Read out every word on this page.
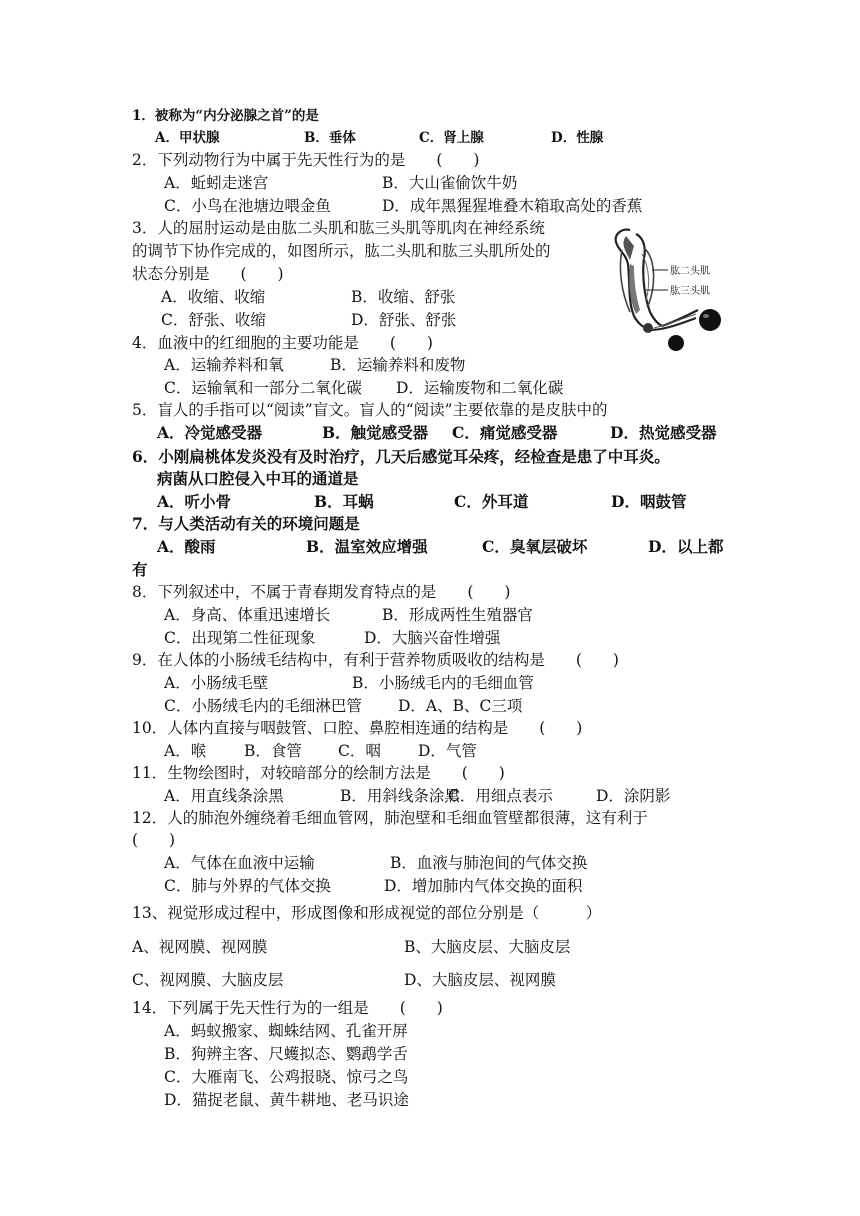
1．被称为“内分泌腺之首”的是
A．甲状腺	B．垂体	C．肾上腺	D．性腺
2．下列动物行为中属于先天性行为的是　　(　　)
A．蚯蚓走迷宫	B．大山雀偷饮牛奶
C．小鸟在池塘边喂金鱼	D．成年黑猩猩堆叠木箱取高处的香蕉
3．人的屈肘运动是由肱二头肌和肱三头肌等肌肉在神经系统
的调节下协作完成的，如图所示，肱二头肌和肱三头肌所处的
状态分别是　　(　　)
A．收缩、收缩	B．收缩、舒张
C．舒张、收缩	D．舒张、舒张
肱二头肌
肱三头肌
4．血液中的红细胞的主要功能是　　(　　)
A．运输养料和氧	B．运输养料和废物
C．运输氧和一部分二氧化碳 D．运输废物和二氧化碳
5．盲人的手指可以“阅读”盲文。盲人的“阅读”主要依靠的是皮肤中的
A．冷觉感受器	B．触觉感受器 C．痛觉感受器	D．热觉感受器
6．小刚扁桃体发炎没有及时治疗，几天后感觉耳朵疼，经检查是患了中耳炎。
病菌从口腔侵入中耳的通道是
A．听小骨	B．耳蜗	C．外耳道	D．咽鼓管
7．与人类活动有关的环境问题是
A．酸雨	B．温室效应增强	C．臭氧层破坏	D．以上都
有
8．下列叙述中，不属于青春期发育特点的是　　(　　)
A．身高、体重迅速增长	B．形成两性生殖器官
C．出现第二性征现象	D．大脑兴奋性增强
9．在人体的小肠绒毛结构中，有利于营养物质吸收的结构是　　(　　)
A．小肠绒毛壁	B．小肠绒毛内的毛细血管
C．小肠绒毛内的毛细淋巴管 D．A、B、C三项
10．人体内直接与咽鼓管、口腔、鼻腔相连通的结构是　　(　　)
A．喉 B．食管 C．咽 D．气管
11．生物绘图时，对较暗部分的绘制方法是　　(　　)
A．用直线条涂黑	B．用斜线条涂黑
C．用细点表示	D．涂阴影
12．人的肺泡外缠绕着毛细血管网，肺泡壁和毛细血管壁都很薄，这有利于
(　　)
A．气体在血液中运输	B．血液与肺泡间的气体交换
C．肺与外界的气体交换	D．增加肺内气体交换的面积
13、视觉形成过程中，形成图像和形成视觉的部位分别是（　　　）
A、视网膜、视网膜	B、大脑皮层、大脑皮层
C、视网膜、大脑皮层	D、大脑皮层、视网膜
14．下列属于先天性行为的一组是　　(　　)
A．蚂蚁搬家、蜘蛛结网、孔雀开屏
B．狗辨主客、尺蠖拟态、鹦鹉学舌
C．大雁南飞、公鸡报晓、惊弓之鸟
D．猫捉老鼠、黄牛耕地、老马识途
